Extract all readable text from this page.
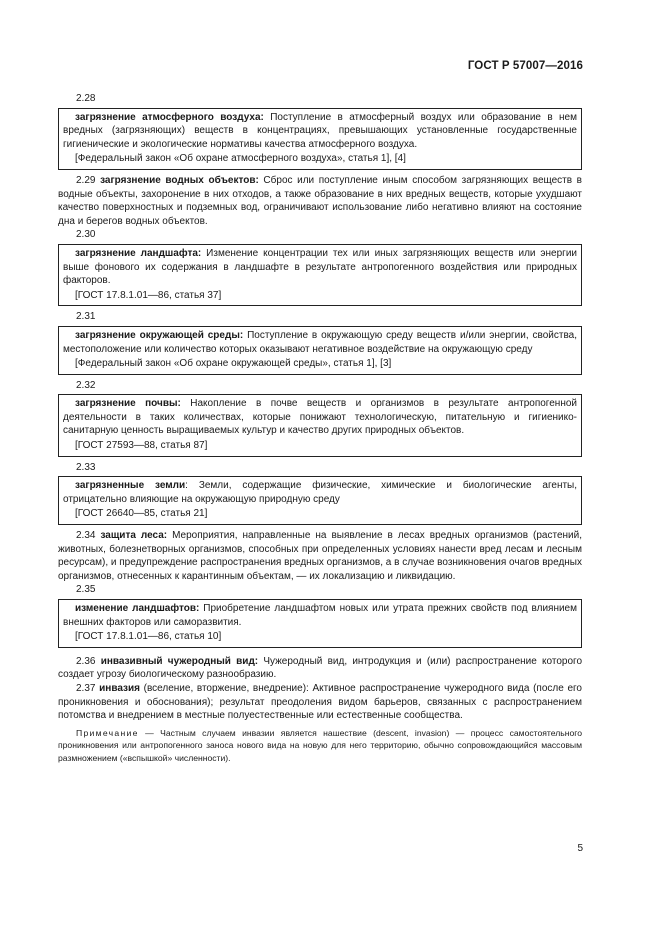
ГОСТ Р 57007—2016

2.28

загрязнение атмосферного воздуха: Поступление в атмосферный воздух или образование в нем вредных (загрязняющих) веществ в концентрациях, превышающих установленные государственные гигиенические и экологические нормативы качества атмосферного воздуха.

[Федеральный закон «Об охране атмосферного воздуха», статья 1], [4]

2.29 загрязнение водных объектов: Сброс или поступление иным способом загрязняющих веществ в водные объекты, захоронение в них отходов, а также образование в них вредных веществ, которые ухудшают качество поверхностных и подземных вод, ограничивают использование либо негативно влияют на состояние дна и берегов водных объектов.

2.30

загрязнение ландшафта: Изменение концентрации тех или иных загрязняющих веществ или энергии выше фонового их содержания в ландшафте в результате антропогенного воздействия или природных факторов.

[ГОСТ 17.8.1.01—86, статья 37]

2.31

загрязнение окружающей среды: Поступление в окружающую среду веществ и/или энергии, свойства, местоположение или количество которых оказывают негативное воздействие на окружающую среду

[Федеральный закон «Об охране окружающей среды», статья 1], [3]

2.32

загрязнение почвы: Накопление в почве веществ и организмов в результате антропогенной деятельности в таких количествах, которые понижают технологическую, питательную и гигиенико-санитарную ценность выращиваемых культур и качество других природных объектов.

[ГОСТ 27593—88, статья 87]

2.33

загрязненные земли: Земли, содержащие физические, химические и биологические агенты, отрицательно влияющие на окружающую природную среду

[ГОСТ 26640—85, статья 21]

2.34 защита леса: Мероприятия, направленные на выявление в лесах вредных организмов (растений, животных, болезнетворных организмов, способных при определенных условиях нанести вред лесам и лесным ресурсам), и предупреждение распространения вредных организмов, а в случае возникновения очагов вредных организмов, отнесенных к карантинным объектам, — их локализацию и ликвидацию.

2.35

изменение ландшафтов: Приобретение ландшафтом новых или утрата прежних свойств под влиянием внешних факторов или саморазвития.

[ГОСТ 17.8.1.01—86, статья 10]

2.36 инвазивный чужеродный вид: Чужеродный вид, интродукция и (или) распространение которого создает угрозу биологическому разнообразию.

2.37 инвазия (вселение, вторжение, внедрение): Активное распространение чужеродного вида (после его проникновения и обоснования); результат преодоления видом барьеров, связанных с распространением потомства и внедрением в местные полуестественные или естественные сообщества.

Примечание — Частным случаем инвазии является нашествие (descent, invasion) — процесс самостоятельного проникновения или антропогенного заноса нового вида на новую для него территорию, обычно сопровождающийся массовым размножением («вспышкой» численности).

5
